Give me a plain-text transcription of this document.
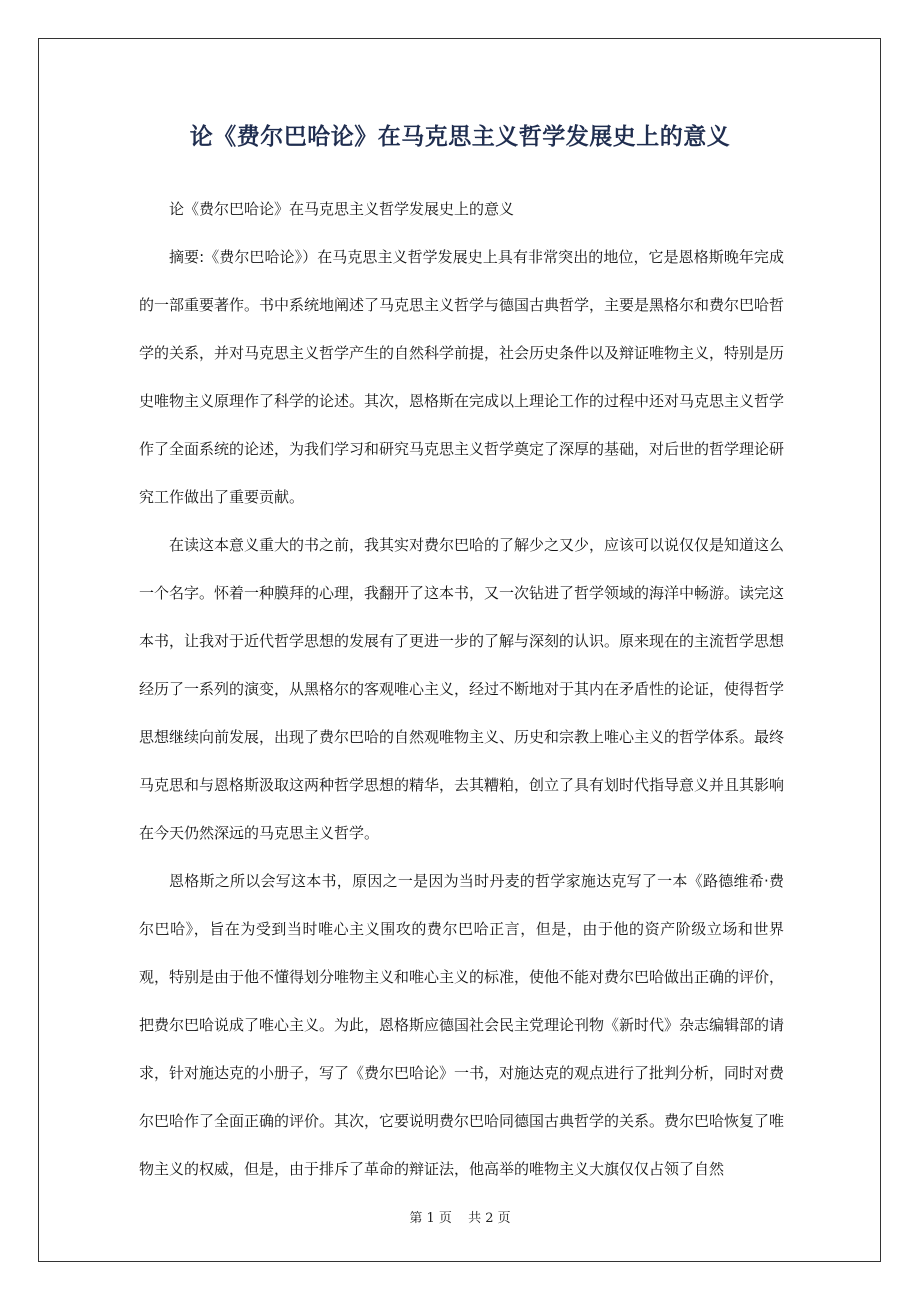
论《费尔巴哈论》在马克思主义哲学发展史上的意义

论《费尔巴哈论》在马克思主义哲学发展史上的意义

摘要:《费尔巴哈论》）在马克思主义哲学发展史上具有非常突出的地位，它是恩格斯晚年完成的一部重要著作。书中系统地阐述了马克思主义哲学与德国古典哲学，主要是黑格尔和费尔巴哈哲学的关系，并对马克思主义哲学产生的自然科学前提，社会历史条件以及辩证唯物主义，特别是历史唯物主义原理作了科学的论述。其次，恩格斯在完成以上理论工作的过程中还对马克思主义哲学作了全面系统的论述，为我们学习和研究马克思主义哲学奠定了深厚的基础，对后世的哲学理论研究工作做出了重要贡献。

在读这本意义重大的书之前，我其实对费尔巴哈的了解少之又少，应该可以说仅仅是知道这么一个名字。怀着一种膜拜的心理，我翻开了这本书，又一次钻进了哲学领域的海洋中畅游。读完这本书，让我对于近代哲学思想的发展有了更进一步的了解与深刻的认识。原来现在的主流哲学思想经历了一系列的演变，从黑格尔的客观唯心主义，经过不断地对于其内在矛盾性的论证，使得哲学思想继续向前发展，出现了费尔巴哈的自然观唯物主义、历史和宗教上唯心主义的哲学体系。最终马克思和与恩格斯汲取这两种哲学思想的精华，去其糟粕，创立了具有划时代指导意义并且其影响在今天仍然深远的马克思主义哲学。

恩格斯之所以会写这本书，原因之一是因为当时丹麦的哲学家施达克写了一本《路德维希·费尔巴哈》，旨在为受到当时唯心主义围攻的费尔巴哈正言，但是，由于他的资产阶级立场和世界观，特别是由于他不懂得划分唯物主义和唯心主义的标准，使他不能对费尔巴哈做出正确的评价，把费尔巴哈说成了唯心主义。为此，恩格斯应德国社会民主党理论刊物《新时代》杂志编辑部的请求，针对施达克的小册子，写了《费尔巴哈论》一书，对施达克的观点进行了批判分析，同时对费尔巴哈作了全面正确的评价。其次，它要说明费尔巴哈同德国古典哲学的关系。费尔巴哈恢复了唯物主义的权威，但是，由于排斥了革命的辩证法，他高举的唯物主义大旗仅仅占领了自然

第 1 页 共 2 页
